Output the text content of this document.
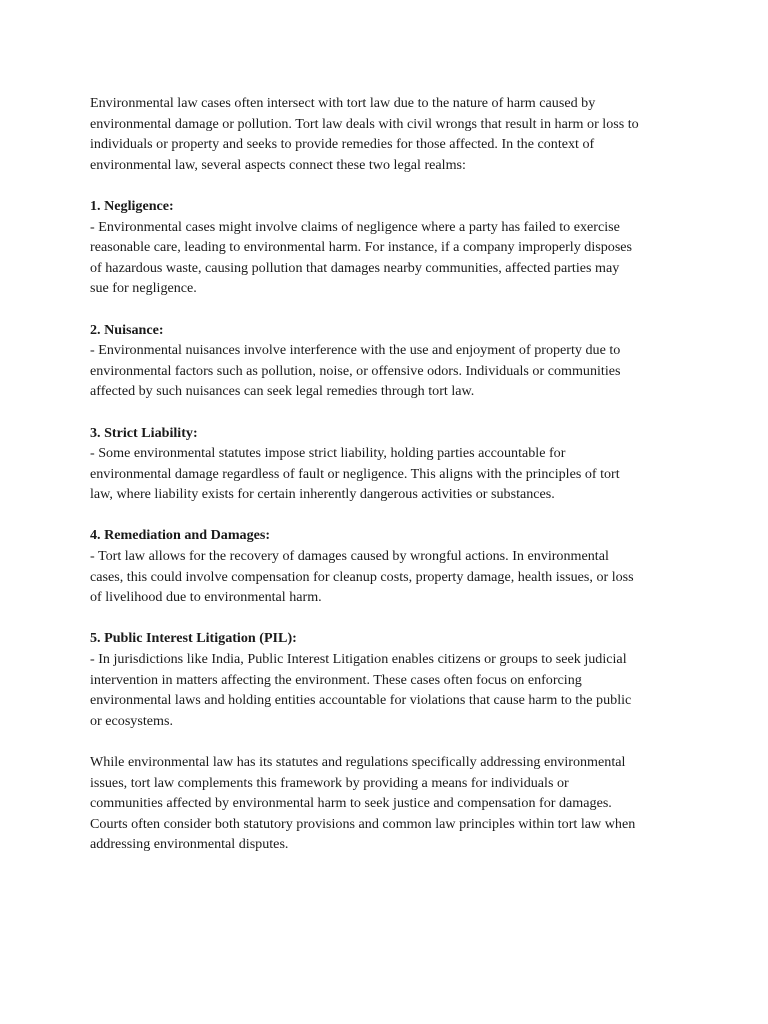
Environmental law cases often intersect with tort law due to the nature of harm caused by
environmental damage or pollution. Tort law deals with civil wrongs that result in harm or loss to
individuals or property and seeks to provide remedies for those affected. In the context of
environmental law, several aspects connect these two legal realms:

1. Negligence:

- Environmental cases might involve claims of negligence where a party has failed to exercise
reasonable care, leading to environmental harm. For instance, if a company improperly disposes
of hazardous waste, causing pollution that damages nearby communities, affected parties may
sue for negligence.

2. Nuisance:

- Environmental nuisances involve interference with the use and enjoyment of property due to
environmental factors such as pollution, noise, or offensive odors. Individuals or communities
affected by such nuisances can seek legal remedies through tort law.

3. Strict Liability:

- Some environmental statutes impose strict liability, holding parties accountable for
environmental damage regardless of fault or negligence. This aligns with the principles of tort
law, where liability exists for certain inherently dangerous activities or substances.

4. Remediation and Damages:

- Tort law allows for the recovery of damages caused by wrongful actions. In environmental
cases, this could involve compensation for cleanup costs, property damage, health issues, or loss
of livelihood due to environmental harm.

5. Public Interest Litigation (PIL):

- In jurisdictions like India, Public Interest Litigation enables citizens or groups to seek judicial
intervention in matters affecting the environment. These cases often focus on enforcing
environmental laws and holding entities accountable for violations that cause harm to the public
or ecosystems.

While environmental law has its statutes and regulations specifically addressing environmental
issues, tort law complements this framework by providing a means for individuals or
communities affected by environmental harm to seek justice and compensation for damages.
Courts often consider both statutory provisions and common law principles within tort law when
addressing environmental disputes.
